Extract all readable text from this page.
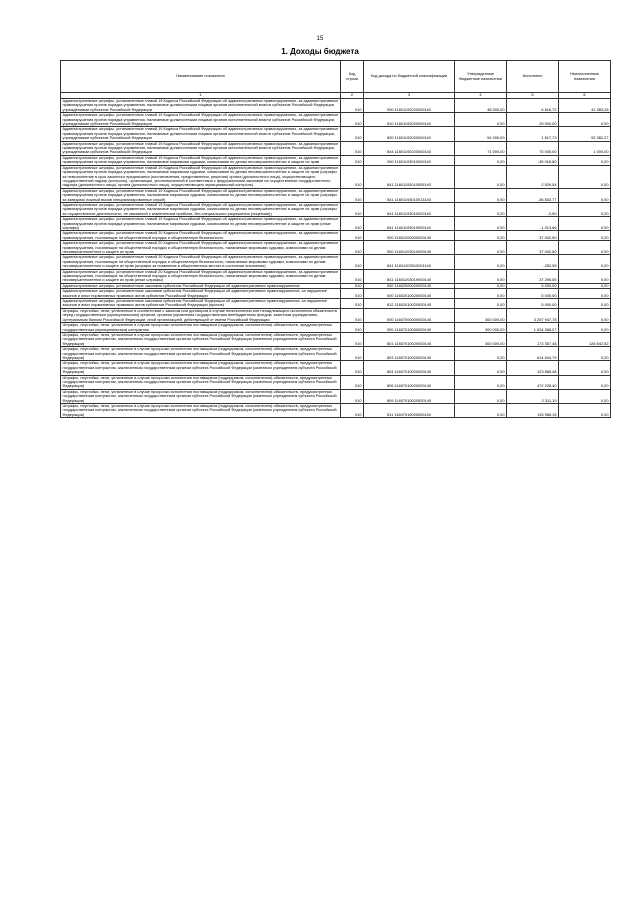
15
1. Доходы бюджета
Наименование показателя	Код строки	Код дохода по бюджетной классификации	Утвержденные бюджетные назначения	Исполнено	Неисполненные назначения
1	2	3	4	5	6
Административные штрафы, установленные главой 19 Кодекса Российской Федерации об административных правонарушениях, за административные правонарушения против порядка управления, налагаемые должностными лицами органов исполнительной власти субъектов Российской Федерации, учреждениями субъектов Российской Федерации	010	000 11601192020000140	48 000,00	6 616,72	41 383,28
Административные штрафы, установленные главой 19 Кодекса Российской Федерации об административных правонарушениях, за административные правонарушения против порядка управления, налагаемые должностными лицами органов исполнительной власти субъектов Российской Федерации, учреждениями субъектов Российской Федерации	010	810 11601192020000140	0,00	29 000,00	0,00
Административные штрафы, установленные главой 19 Кодекса Российской Федерации об административных правонарушениях, за административные правонарушения против порядка управления, налагаемые должностными лицами органов исполнительной власти субъектов Российской Федерации, учреждениями субъектов Российской Федерации	010	820 11601192020000140	54 000,00	1 617,73	52 382,27
Административные штрафы, установленные главой 19 Кодекса Российской Федерации об административных правонарушениях, за административные правонарушения против порядка управления, налагаемые должностными лицами органов исполнительной власти субъектов Российской Федерации, учреждениями субъектов Российской Федерации	010	844 11601192020000140	71 000,00	70 000,00	1 000,00
Административные штрафы, установленные главой 19 Кодекса Российской Федерации об административных правонарушениях, за административные правонарушения против порядка управления, налагаемые мировыми судьями, комиссиями по делам несовершеннолетних и защите их прав	010	000 11601193010000140	0,00	-35 016,80	0,00
Административные штрафы, установленные главой 19 Кодекса Российской Федерации об административных правонарушениях, за административные правонарушения против порядка управления, налагаемые мировыми судьями, комиссиями по делам несовершеннолетних и защите их прав (штрафы за невыполнение в срок законного предписания (постановления, представления, решения) органа (должностного лица), осуществляющего государственный надзор (контроль), организации, уполномоченной в соответствии с федеральными законами на осуществление государственного надзора (должностного лица), органа (должностного лица), осуществляющего муниципальный контроль)	010	841 11601193010005140	0,00	2 529,54	0,00
Административные штрафы, установленные главой 19 Кодекса Российской Федерации об административных правонарушениях, за административные правонарушения против порядка управления, налагаемые мировыми судьями, комиссиями по делам несовершеннолетних и защите их прав (штрафы за заведомо ложный вызов специализированных служб)	010	841 11601193010013140	0,00	-36 832,77	0,00
Административные штрафы, установленные главой 19 Кодекса Российской Федерации об административных правонарушениях, за административные правонарушения против порядка управления, налагаемые мировыми судьями, комиссиями по делам несовершеннолетних и защите их прав (штрафы за осуществление деятельности, не связанной с извлечением прибыли, без специального разрешения (лицензии))	010	841 11601193010020140	0,00	-2,50	0,00
Административные штрафы, установленные главой 19 Кодекса Российской Федерации об административных правонарушениях, за административные правонарушения против порядка управления, налагаемые мировыми судьями, комиссиями по делам несовершеннолетних и защите их прав (иные штрафы)	010	841 11601193019000140	0,00	-1 013,66	0,00
Административные штрафы, установленные главой 20 Кодекса Российской Федерации об административных правонарушениях, за административные правонарушения, посягающие на общественный порядок и общественную безопасность	010	000 11601200000000140	0,00	37 042,50	0,00
Административные штрафы, установленные главой 20 Кодекса Российской Федерации об административных правонарушениях, за административные правонарушения, посягающие на общественный порядок и общественную безопасность, налагаемые мировыми судьями, комиссиями по делам несовершеннолетних и защите их прав	010	000 11601203010000140	0,00	37 042,50	0,00
Административные штрафы, установленные главой 20 Кодекса Российской Федерации об административных правонарушениях, за административные правонарушения, посягающие на общественный порядок и общественную безопасность, налагаемые мировыми судьями, комиссиями по делам несовершеннолетних и защите их прав (штрафы за появление в общественных местах в состоянии опьянения)	010	841 11601203010021140	0,00	-252,95	0,00
Административные штрафы, установленные главой 20 Кодекса Российской Федерации об административных правонарушениях, за административные правонарушения, посягающие на общественный порядок и общественную безопасность, налагаемые мировыми судьями, комиссиями по делам несовершеннолетних и защите их прав (иные штрафы)	010	841 11601203019000140	0,00	37 295,55	0,00
Административные штрафы, установленные законами субъектов Российской Федерации об административных правонарушениях	010	000 11602000020000140	0,00	5 000,00	0,00
Административные штрафы, установленные законами субъектов Российской Федерации об административных правонарушениях, за нарушение законов и иных нормативных правовых актов субъектов Российской Федерации	010	000 11602010020000140	0,00	5 000,00	0,00
Административные штрафы, установленные законами субъектов Российской Федерации об административных правонарушениях, за нарушение законов и иных нормативных правовых актов субъектов Российской Федерации (прочие)	010	812 11602010020000140	0,00	5 000,00	0,00
Штрафы, неустойки, пени, уплаченные в соответствии с законом или договором в случае неисполнения или ненадлежащего исполнения обязательств перед государственным (муниципальным) органом, органом управления государственным внебюджетным фондом, казенным учреждением, Центральным банком Российской Федерации, иной организацией, действующей от имени Российской Федерации	010	000 11607000000000140	300 000,00	3 267 947,78	0,00
Штрафы, неустойки, пени, уплаченные в случае просрочки исполнения поставщиком (подрядчиком, исполнителем) обязательств, предусмотренных государственным (муниципальным) контрактом	010	000 11607010000000140	300 000,00	1 634 368,07	0,00
Штрафы, неустойки, пени, уплаченные в случае просрочки исполнения поставщиком (подрядчиком, исполнителем) обязательств, предусмотренных государственным контрактом, заключенным государственным органом субъекта Российской Федерации (казенным учреждением субъекта Российской Федерации)	010	801 11607010020000140	300 000,00	173 357,48	126 642,52
Штрафы, неустойки, пени, уплаченные в случае просрочки исполнения поставщиком (подрядчиком, исполнителем) обязательств, предусмотренных государственным контрактом, заключенным государственным органом субъекта Российской Федерации (казенным учреждением субъекта Российской Федерации)	010	803 11607010020000140	0,00	614 544,79	0,00
Штрафы, неустойки, пени, уплаченные в случае просрочки исполнения поставщиком (подрядчиком, исполнителем) обязательств, предусмотренных государственным контрактом, заключенным государственным органом субъекта Российской Федерации (казенным учреждением субъекта Российской Федерации)	010	804 11607010020000140	0,00	123 885,48	0,00
Штрафы, неустойки, пени, уплаченные в случае просрочки исполнения поставщиком (подрядчиком, исполнителем) обязательств, предусмотренных государственным контрактом, заключенным государственным органом субъекта Российской Федерации (казенным учреждением субъекта Российской Федерации)	010	806 11607010020000140	0,00	472 228,40	0,00
Штрафы, неустойки, пени, уплаченные в случае просрочки исполнения поставщиком (подрядчиком, исполнителем) обязательств, предусмотренных государственным контрактом, заключенным государственным органом субъекта Российской Федерации (казенным учреждением субъекта Российской Федерации)	010	809 11607010020000140	0,00	2 311,19	0,00
Штрафы, неустойки, пени, уплаченные в случае просрочки исполнения поставщиком (подрядчиком, исполнителем) обязательств, предусмотренных государственным контрактом, заключенным государственным органом субъекта Российской Федерации (казенным учреждением субъекта Российской Федерации)	010	811 11607010020000140	0,00	115 985,15	0,00
